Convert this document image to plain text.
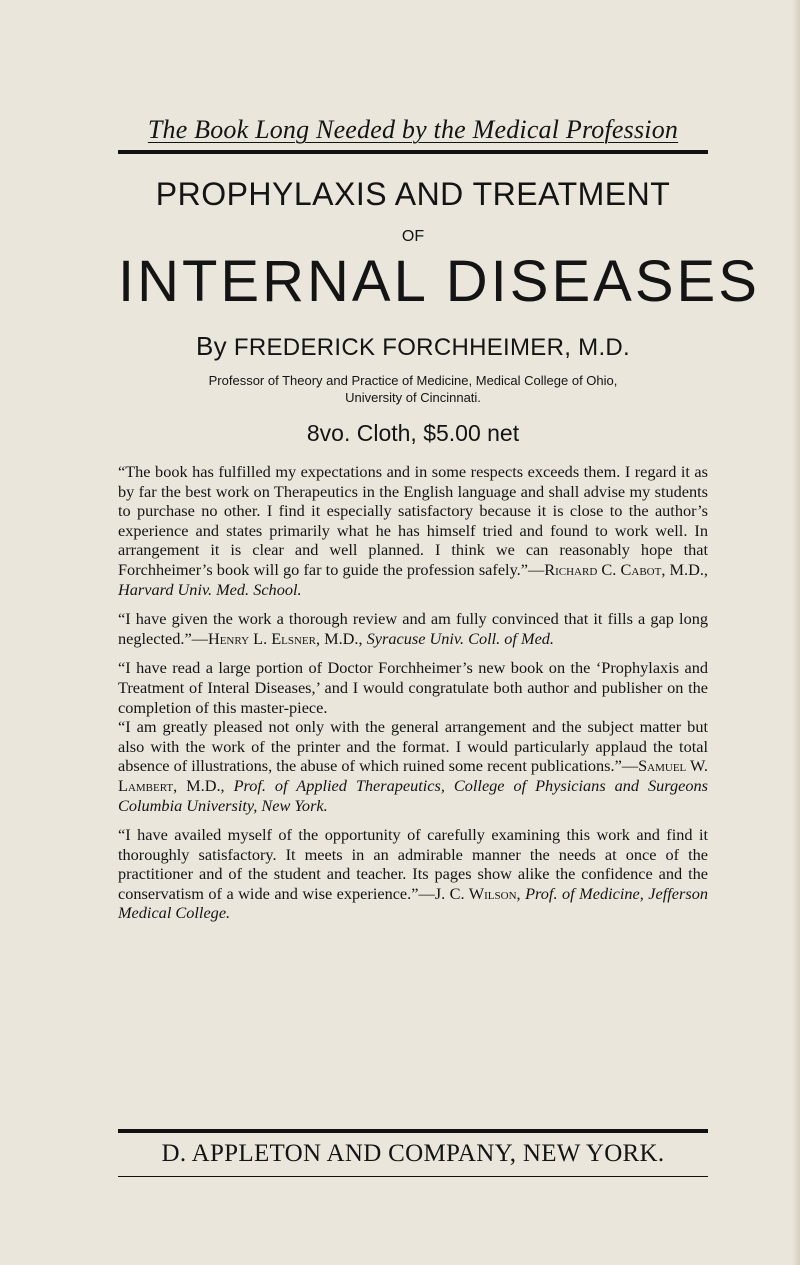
The Book Long Needed by the Medical Profession
PROPHYLAXIS AND TREATMENT
OF
INTERNAL DISEASES
By FREDERICK FORCHHEIMER, M.D.
Professor of Theory and Practice of Medicine, Medical College of Ohio,
University of Cincinnati.
8vo. Cloth, $5.00 net

“The book has fulfilled my expectations and in some respects exceeds them. I regard it as by far the best work on Therapeutics in the English language and shall advise my students to purchase no other. I find it especially satisfactory because it is close to the author’s experience and states primarily what he has himself tried and found to work well. In arrangement it is clear and well planned. I think we can reasonably hope that Forchheimer’s book will go far to guide the profession safely.”—Richard C. Cabot, M.D., Harvard Univ. Med. School.

“I have given the work a thorough review and am fully convinced that it fills a gap long neglected.”—Henry L. Elsner, M.D., Syracuse Univ. Coll. of Med.

“I have read a large portion of Doctor Forchheimer’s new book on the ‘Prophylaxis and Treatment of Interal Diseases,’ and I would congratulate both author and publisher on the completion of this master-piece.

“I am greatly pleased not only with the general arrangement and the subject matter but also with the work of the printer and the format. I would particularly applaud the total absence of illustrations, the abuse of which ruined some recent publications.”—Samuel W. Lambert, M.D., Prof. of Applied Therapeutics, College of Physicians and Surgeons Columbia University, New York.

“I have availed myself of the opportunity of carefully examining this work and find it thoroughly satisfactory. It meets in an admirable manner the needs at once of the practitioner and of the student and teacher. Its pages show alike the confidence and the conservatism of a wide and wise experience.”—J. C. Wilson, Prof. of Medicine, Jefferson Medical College.

D. APPLETON AND COMPANY, NEW YORK.
